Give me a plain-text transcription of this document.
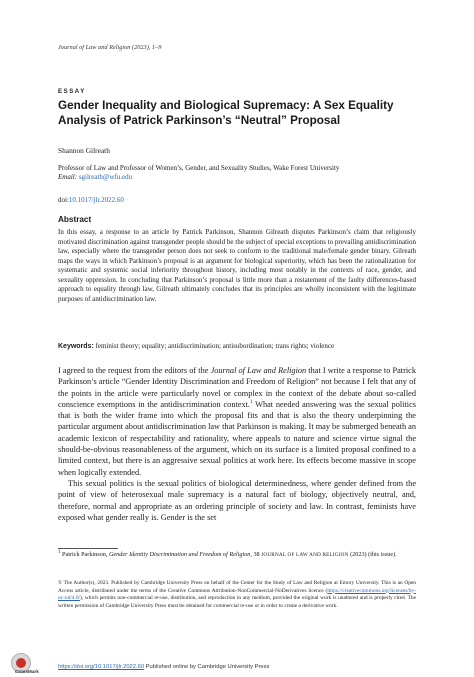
Journal of Law and Religion (2023), 1–9
ESSAY
Gender Inequality and Biological Supremacy: A Sex Equality Analysis of Patrick Parkinson’s “Neutral” Proposal
Shannon Gilreath
Professor of Law and Professor of Women’s, Gender, and Sexuality Studies, Wake Forest University
Email: sgilreath@wfu.edu
doi:10.1017/jlr.2022.60
Abstract

In this essay, a response to an article by Patrick Parkinson, Shannon Gilreath disputes Parkinson’s claim that religiously motivated discrimination against transgender people should be the subject of special exceptions to prevailing antidiscrimination law, especially where the transgender person does not seek to conform to the traditional male/female gender binary. Gilreath maps the ways in which Parkinson’s proposal is an argument for biological superiority, which has been the rationalization for systematic and systemic social inferiority throughout history, including most notably in the contexts of race, gender, and sexuality oppression. In concluding that Parkinson’s proposal is little more than a restatement of the faulty differences-based approach to equality through law, Gilreath ultimately concludes that its principles are wholly inconsistent with the legitimate purposes of antidiscrimination law.

Keywords: feminist theory; equality; antidiscrimination; antisubordination; trans rights; violence

I agreed to the request from the editors of the Journal of Law and Religion that I write a response to Patrick Parkinson’s article “Gender Identity Discrimination and Freedom of Religion” not because I felt that any of the points in the article were particularly novel or complex in the context of the debate about so-called conscience exemptions in the antidiscrimination context.$^1$ What needed answering was the sexual politics that is both the wider frame into which the proposal fits and that is also the theory underpinning the particular argument about antidiscrimination law that Parkinson is making. It may be submerged beneath an academic lexicon of respectability and rationality, where appeals to nature and science virtue signal the should-be-obvious reasonableness of the argument, which on its surface is a limited proposal confined to a limited context, but there is an aggressive sexual politics at work here. Its effects become massive in scope when logically extended.

This sexual politics is the sexual politics of biological determinedness, where gender defined from the point of view of heterosexual male supremacy is a natural fact of biology, objectively neutral, and, therefore, normal and appropriate as an ordering principle of society and law. In contrast, feminists have exposed what gender really is. Gender is the set

$^1$ Patrick Parkinson, Gender Identity Discrimination and Freedom of Religion, 38 JOURNAL OF LAW AND RELIGION (2023) (this issue).
© The Author(s), 2023. Published by Cambridge University Press on behalf of the Center for the Study of Law and Religion at Emory University. This is an Open Access article, distributed under the terms of the Creative Commons Attribution-NonCommercial-NoDerivatives licence (https://creativecommons.org/licenses/by-nc-nd/4.0/), which permits non-commercial re-use, distribution, and reproduction in any medium, provided the original work is unaltered and is properly cited. The written permission of Cambridge University Press must be obtained for commercial re-use or in order to create a derivative work.
CrossMark
https://doi.org/10.1017/jlr.2022.60 Published online by Cambridge University Press
